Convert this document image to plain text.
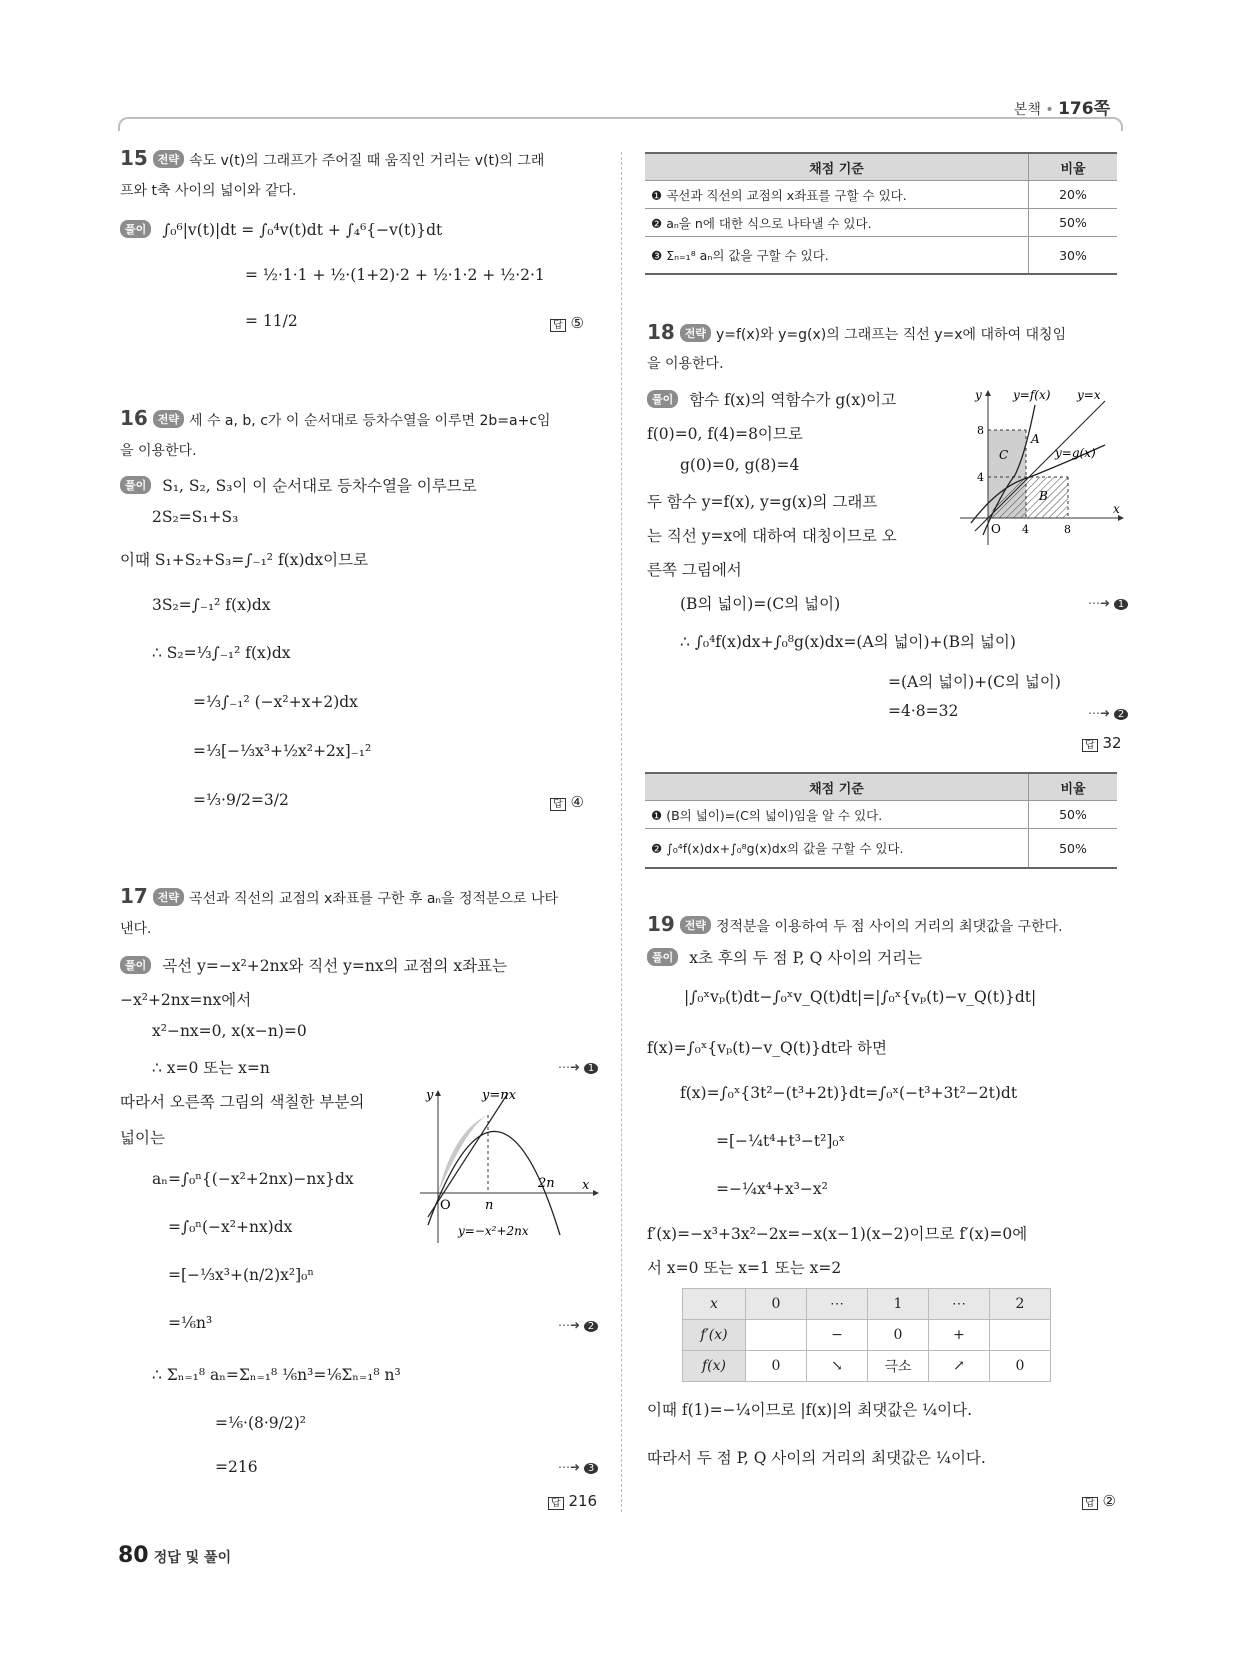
본책 • 176쪽
15 전략 속도 v(t)의 그래프가 주어질 때 움직인 거리는 v(t)의 그래
프와 t축 사이의 넓이와 같다.
풀이 ∫₀⁶|v(t)|dt = ∫₀⁴v(t)dt + ∫₄⁶{−v(t)}dt
= ½·1·1 + ½·(1+2)·2 + ½·1·2 + ½·2·1
= 11/2	답 ⑤
16 전략 세 수 a, b, c가 이 순서대로 등차수열을 이루면 2b=a+c임
을 이용한다.
풀이 S₁, S₂, S₃이 이 순서대로 등차수열을 이루므로
2S₂=S₁+S₃
이때 S₁+S₂+S₃=∫₋₁² f(x)dx이므로
3S₂=∫₋₁² f(x)dx
∴ S₂=⅓∫₋₁² f(x)dx
=⅓∫₋₁² (−x²+x+2)dx
=⅓[−⅓x³+½x²+2x]₋₁²
=⅓·9/2=3/2	답 ④
17 전략 곡선과 직선의 교점의 x좌표를 구한 후 aₙ을 정적분으로 나타
낸다.
풀이 곡선 y=−x²+2nx와 직선 y=nx의 교점의 x좌표는
−x²+2nx=nx에서
x²−nx=0, x(x−n)=0
∴ x=0 또는 x=n	⋯➜ 1
따라서 오른쪽 그림의 색칠한 부분의
넓이는
aₙ=∫₀ⁿ{(−x²+2nx)−nx}dx
=∫₀ⁿ(−x²+nx)dx
=[−⅓x³+(n/2)x²]₀ⁿ
=⅙n³	⋯➜ 2
∴ Σₙ₌₁⁸ aₙ=Σₙ₌₁⁸ ⅙n³=⅙Σₙ₌₁⁸ n³
=⅙·(8·9/2)²
=216	⋯➜ 3
답 216
y
x
O
y=nx
n
2n
y=−x²+2nx
채점 기준	비율
❶ 곡선과 직선의 교점의 x좌표를 구할 수 있다.	20%
❷ aₙ을 n에 대한 식으로 나타낼 수 있다.	50%
❸ Σₙ₌₁⁸ aₙ의 값을 구할 수 있다.	30%
18 전략 y=f(x)와 y=g(x)의 그래프는 직선 y=x에 대하여 대칭임
을 이용한다.
풀이 함수 f(x)의 역함수가 g(x)이고
f(0)=0, f(4)=8이므로
g(0)=0, g(8)=4
두 함수 y=f(x), y=g(x)의 그래프
는 직선 y=x에 대하여 대칭이므로 오
른쪽 그림에서
(B의 넓이)=(C의 넓이)	⋯➜ 1
∴ ∫₀⁴f(x)dx+∫₀⁸g(x)dx=(A의 넓이)+(B의 넓이)
=(A의 넓이)+(C의 넓이)
=4·8=32	⋯➜ 2
답 32
y
x
O
y=f(x) y=x
y=g(x)
A
B
C
4	8
4
8
채점 기준	비율
❶ (B의 넓이)=(C의 넓이)임을 알 수 있다.	50%
❷ ∫₀⁴f(x)dx+∫₀⁸g(x)dx의 값을 구할 수 있다.	50%
19 전략 정적분을 이용하여 두 점 사이의 거리의 최댓값을 구한다.
풀이 x초 후의 두 점 P, Q 사이의 거리는
|∫₀ˣvₚ(t)dt−∫₀ˣv_Q(t)dt|=|∫₀ˣ{vₚ(t)−v_Q(t)}dt|
f(x)=∫₀ˣ{vₚ(t)−v_Q(t)}dt라 하면
f(x)=∫₀ˣ{3t²−(t³+2t)}dt=∫₀ˣ(−t³+3t²−2t)dt
=[−¼t⁴+t³−t²]₀ˣ
=−¼x⁴+x³−x²
f′(x)=−x³+3x²−2x=−x(x−1)(x−2)이므로 f′(x)=0에
서 x=0 또는 x=1 또는 x=2
x	0	⋯	1	⋯	2
f′(x)		−	0	+	
f(x)	0	↘	극소	↗	0
이때 f(1)=−¼이므로 |f(x)|의 최댓값은 ¼이다.
따라서 두 점 P, Q 사이의 거리의 최댓값은 ¼이다.
답 ②
80 정답 및 풀이
